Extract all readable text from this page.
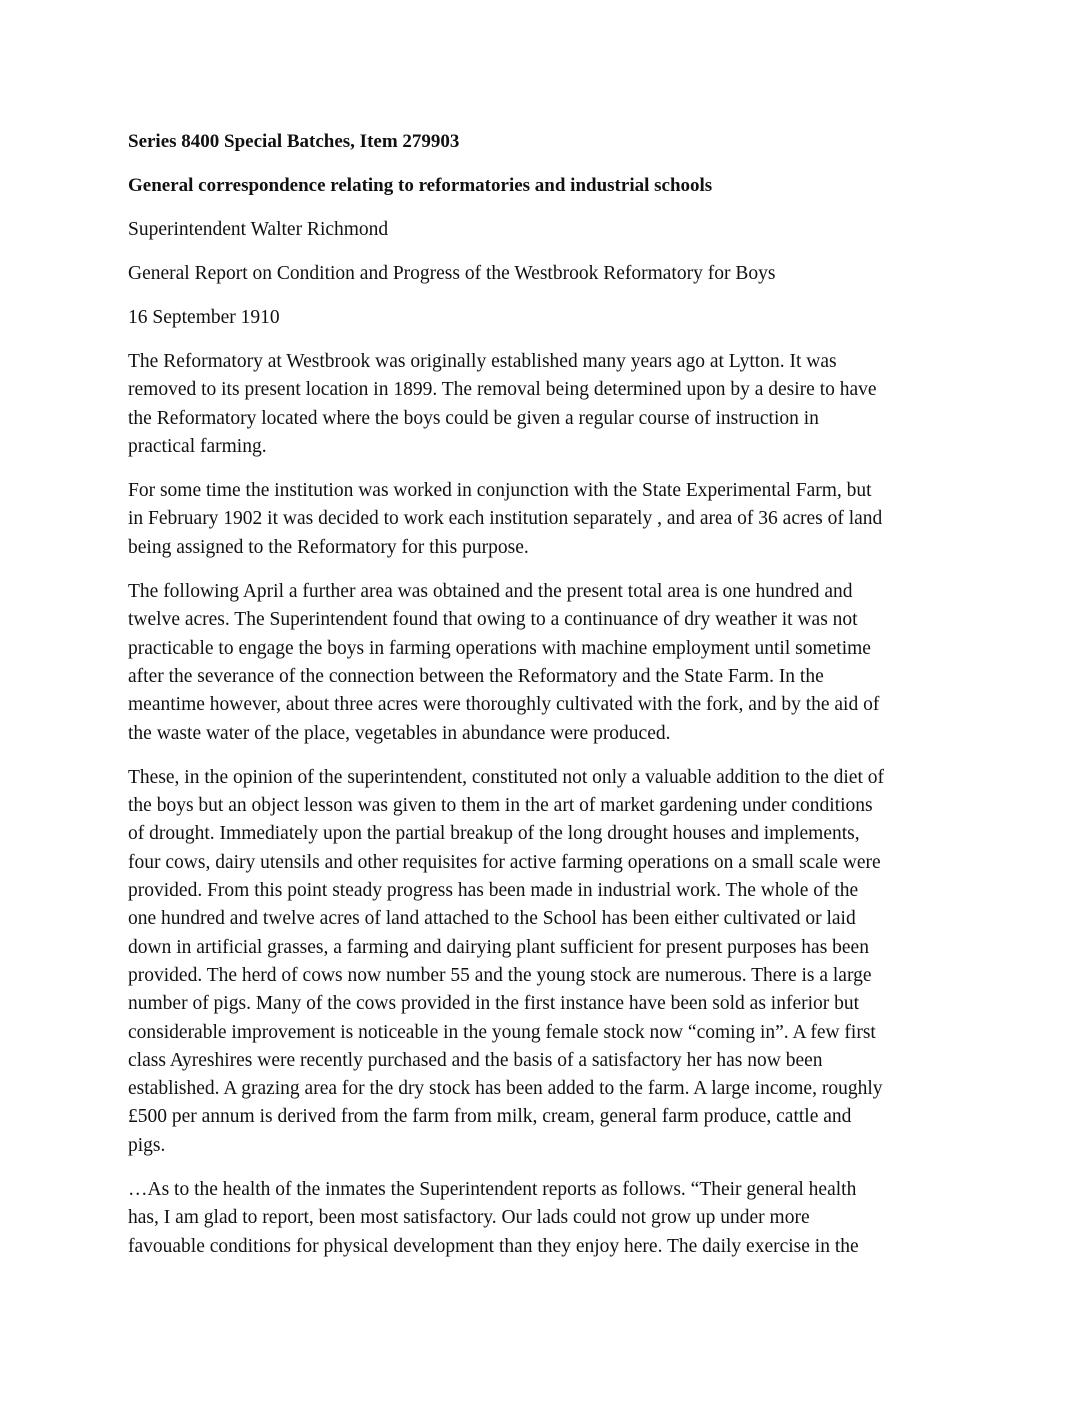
Series 8400 Special Batches, Item 279903

General correspondence relating to reformatories and industrial schools

Superintendent Walter Richmond

General Report on Condition and Progress of the Westbrook Reformatory for Boys

16 September 1910

The Reformatory at Westbrook was originally established many years ago at Lytton. It was
removed to its present location in 1899. The removal being determined upon by a desire to have
the Reformatory located where the boys could be given a regular course of instruction in
practical farming.
For some time the institution was worked in conjunction with the State Experimental Farm, but
in February 1902 it was decided to work each institution separately , and area of 36 acres of land
being assigned to the Reformatory for this purpose.
The following April a further area was obtained and the present total area is one hundred and
twelve acres. The Superintendent found that owing to a continuance of dry weather it was not
practicable to engage the boys in farming operations with machine employment until sometime
after the severance of the connection between the Reformatory and the State Farm. In the
meantime however, about three acres were thoroughly cultivated with the fork, and by the aid of
the waste water of the place, vegetables in abundance were produced.
These, in the opinion of the superintendent, constituted not only a valuable addition to the diet of
the boys but an object lesson was given to them in the art of market gardening under conditions
of drought. Immediately upon the partial breakup of the long drought houses and implements,
four cows, dairy utensils and other requisites for active farming operations on a small scale were
provided. From this point steady progress has been made in industrial work. The whole of the
one hundred and twelve acres of land attached to the School has been either cultivated or laid
down in artificial grasses, a farming and dairying plant sufficient for present purposes has been
provided. The herd of cows now number 55 and the young stock are numerous. There is a large
number of pigs. Many of the cows provided in the first instance have been sold as inferior but
considerable improvement is noticeable in the young female stock now “coming in”. A few first
class Ayreshires were recently purchased and the basis of a satisfactory her has now been
established. A grazing area for the dry stock has been added to the farm. A large income, roughly
£500 per annum is derived from the farm from milk, cream, general farm produce, cattle and
pigs.
…As to the health of the inmates the Superintendent reports as follows. “Their general health
has, I am glad to report, been most satisfactory. Our lads could not grow up under more
favouable conditions for physical development than they enjoy here. The daily exercise in the
